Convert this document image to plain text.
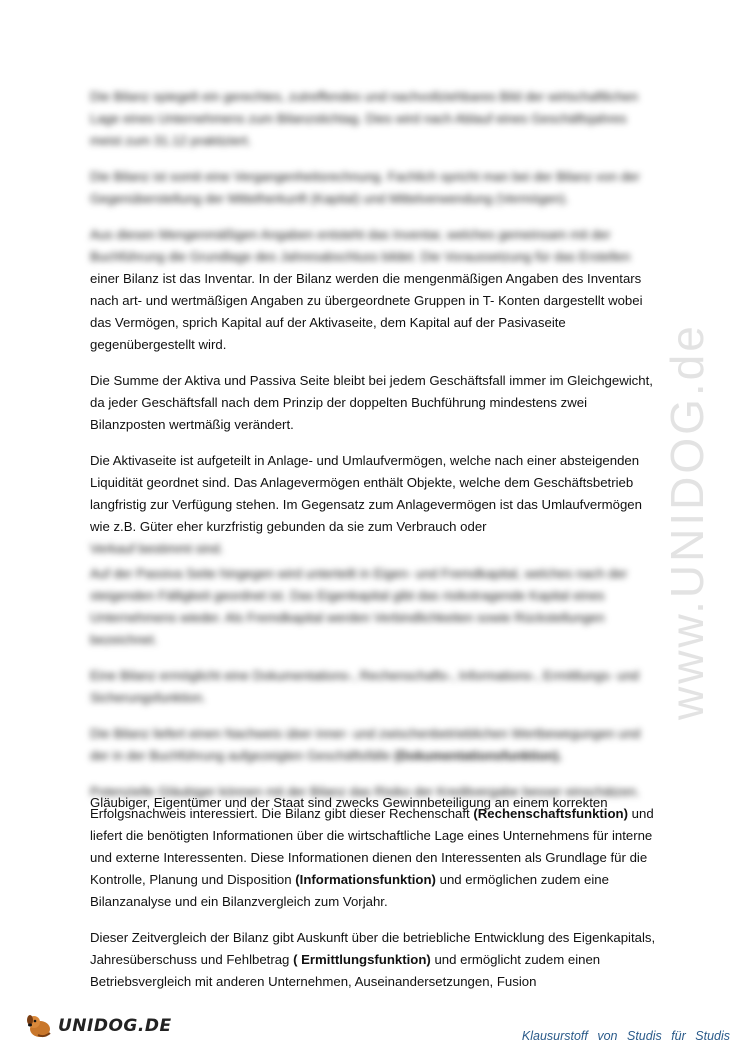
www.UNIDOG.de

Die Bilanz spiegelt ein gerechtes, zutreffendes und nachvollziehbares Bild der wirtschaftlichen Lage eines Unternehmens zum Bilanzstichtag. Dies wird nach Ablauf eines Geschäftsjahres meist zum 31.12 praktiziert.

Die Bilanz ist somit eine Vergangenheitsrechnung. Fachlich spricht man bei der Bilanz von der Gegenüberstellung der Mittelherkunft (Kapital) und Mittelverwendung (Vermögen).

Aus diesen Mengenmäßigen Angaben entsteht das Inventar, welches gemeinsam mit der Buchführung die Grundlage des Jahresabschluss bildet. Die Voraussetzung für das Erstellen

einer Bilanz ist das Inventar. In der Bilanz werden die mengenmäßigen Angaben des Inventars nach art- und wertmäßigen Angaben zu übergeordnete Gruppen in T- Konten dargestellt wobei das Vermögen, sprich Kapital auf der Aktivaseite, dem Kapital auf der Pasivaseite gegenübergestellt wird.

Die Summe der Aktiva und Passiva Seite bleibt bei jedem Geschäftsfall immer im Gleichgewicht, da jeder Geschäftsfall nach dem Prinzip der doppelten Buchführung mindestens zwei Bilanzposten wertmäßig verändert.

Die Aktivaseite ist aufgeteilt in Anlage- und Umlaufvermögen, welche nach einer absteigenden Liquidität geordnet sind. Das Anlagevermögen enthält Objekte, welche dem Geschäftsbetrieb langfristig zur Verfügung stehen. Im Gegensatz zum Anlagevermögen ist das Umlaufvermögen wie z.B. Güter eher kurzfristig gebunden da sie zum Verbrauch oder

Verkauf bestimmt sind.

Auf der Passiva Seite hingegen wird unterteilt in Eigen- und Fremdkapital, welches nach der steigenden Fälligkeit geordnet ist. Das Eigenkapital gibt das risikotragende Kapital eines Unternehmens wieder. Als Fremdkapital werden Verbindlichkeiten sowie Rückstellungen bezeichnet.

Eine Bilanz ermöglicht eine Dokumentations-, Rechenschafts-, Informations-, Ermittlungs- und Sicherungsfunktion.

Die Bilanz liefert einen Nachweis über inner- und zwischenbetrieblichen Wertbewegungen und der in der Buchführung aufgezeigten Geschäftsfälle (Dokumentationsfunktion).

Potenzielle Gläubiger können mit der Bilanz das Risiko der Kreditvergabe besser einschätzen.

Gläubiger, Eigentümer und der Staat sind zwecks Gewinnbeteiligung an einem korrekten

Erfolgsnachweis interessiert. Die Bilanz gibt dieser Rechenschaft (Rechenschaftsfunktion) und liefert die benötigten Informationen über die wirtschaftliche Lage eines Unternehmens für interne und externe Interessenten. Diese Informationen dienen den Interessenten als Grundlage für die Kontrolle, Planung und Disposition (Informationsfunktion) und ermöglichen zudem eine Bilanzanalyse und ein Bilanzvergleich zum Vorjahr.

Dieser Zeitvergleich der Bilanz gibt Auskunft über die betriebliche Entwicklung des Eigenkapitals, Jahresüberschuss und Fehlbetrag ( Ermittlungsfunktion) und ermöglicht zudem einen Betriebsvergleich mit anderen Unternehmen, Auseinandersetzungen, Fusion

UNIDOG.DE	Klausurstoff von Studis für Studis
